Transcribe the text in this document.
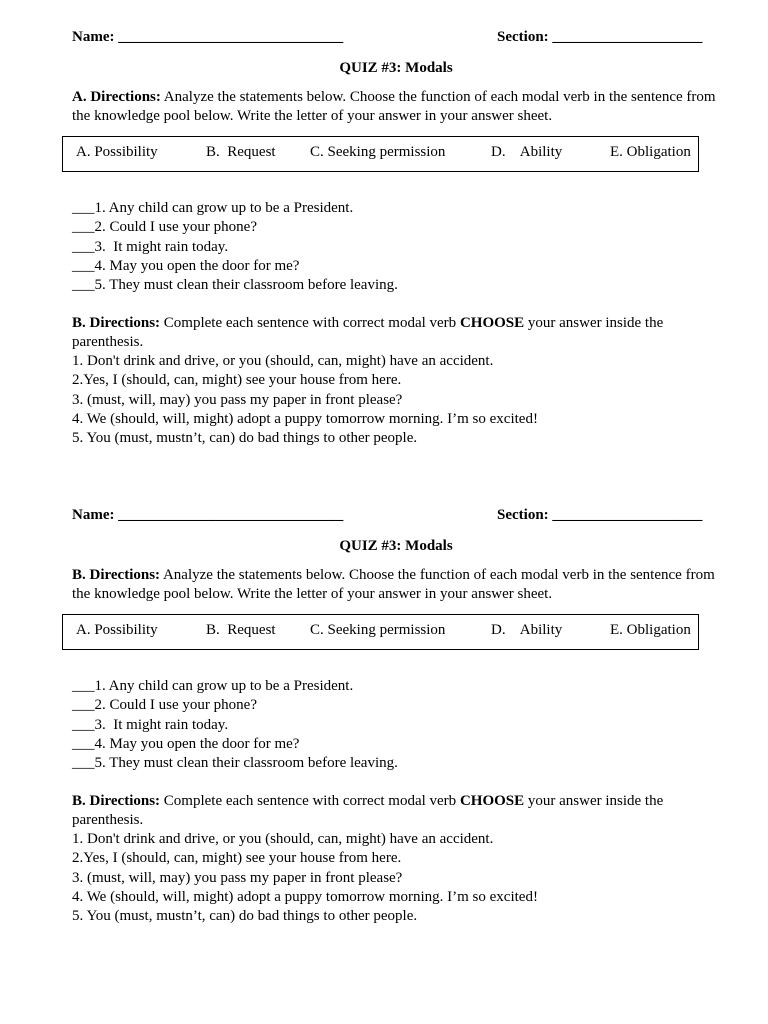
Name: ______________________________	Section: ____________________
QUIZ #3: Modals
A. Directions: Analyze the statements below. Choose the function of each modal verb in the sentence from the knowledge pool below. Write the letter of your answer in your answer sheet.
A. Possibility	B.  Request C. Seeking permission	D.    Ability	E. Obligation
___1. Any child can grow up to be a President.
___2. Could I use your phone?
___3.  It might rain today.
___4. May you open the door for me?
___5. They must clean their classroom before leaving.
B. Directions: Complete each sentence with correct modal verb CHOOSE your answer inside the parenthesis.
1. Don't drink and drive, or you (should, can, might) have an accident.
2.Yes, I (should, can, might) see your house from here.
3. (must, will, may) you pass my paper in front please?
4. We (should, will, might) adopt a puppy tomorrow morning. I’m so excited!
5. You (must, mustn’t, can) do bad things to other people.
Name: ______________________________	Section: ____________________
QUIZ #3: Modals
B. Directions: Analyze the statements below. Choose the function of each modal verb in the sentence from the knowledge pool below. Write the letter of your answer in your answer sheet.
A. Possibility	B.  Request C. Seeking permission	D.    Ability	E. Obligation
___1. Any child can grow up to be a President.
___2. Could I use your phone?
___3.  It might rain today.
___4. May you open the door for me?
___5. They must clean their classroom before leaving.
B. Directions: Complete each sentence with correct modal verb CHOOSE your answer inside the parenthesis.
1. Don't drink and drive, or you (should, can, might) have an accident.
2.Yes, I (should, can, might) see your house from here.
3. (must, will, may) you pass my paper in front please?
4. We (should, will, might) adopt a puppy tomorrow morning. I’m so excited!
5. You (must, mustn’t, can) do bad things to other people.
